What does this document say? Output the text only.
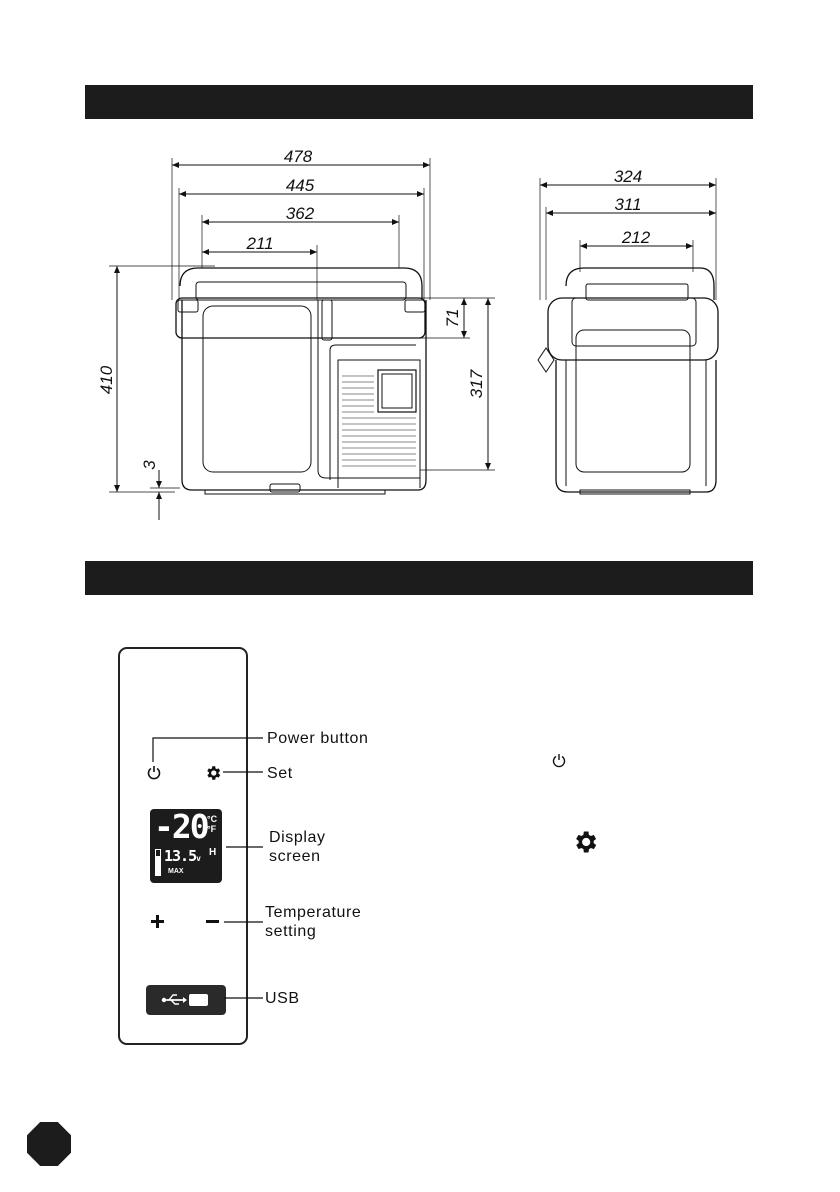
478
445
362
211
410
3
317
71
324
311
212
-20 °C
°F
H
13.5v
MAX
Power button
Set
Display
screen
Temperature
setting
USB
